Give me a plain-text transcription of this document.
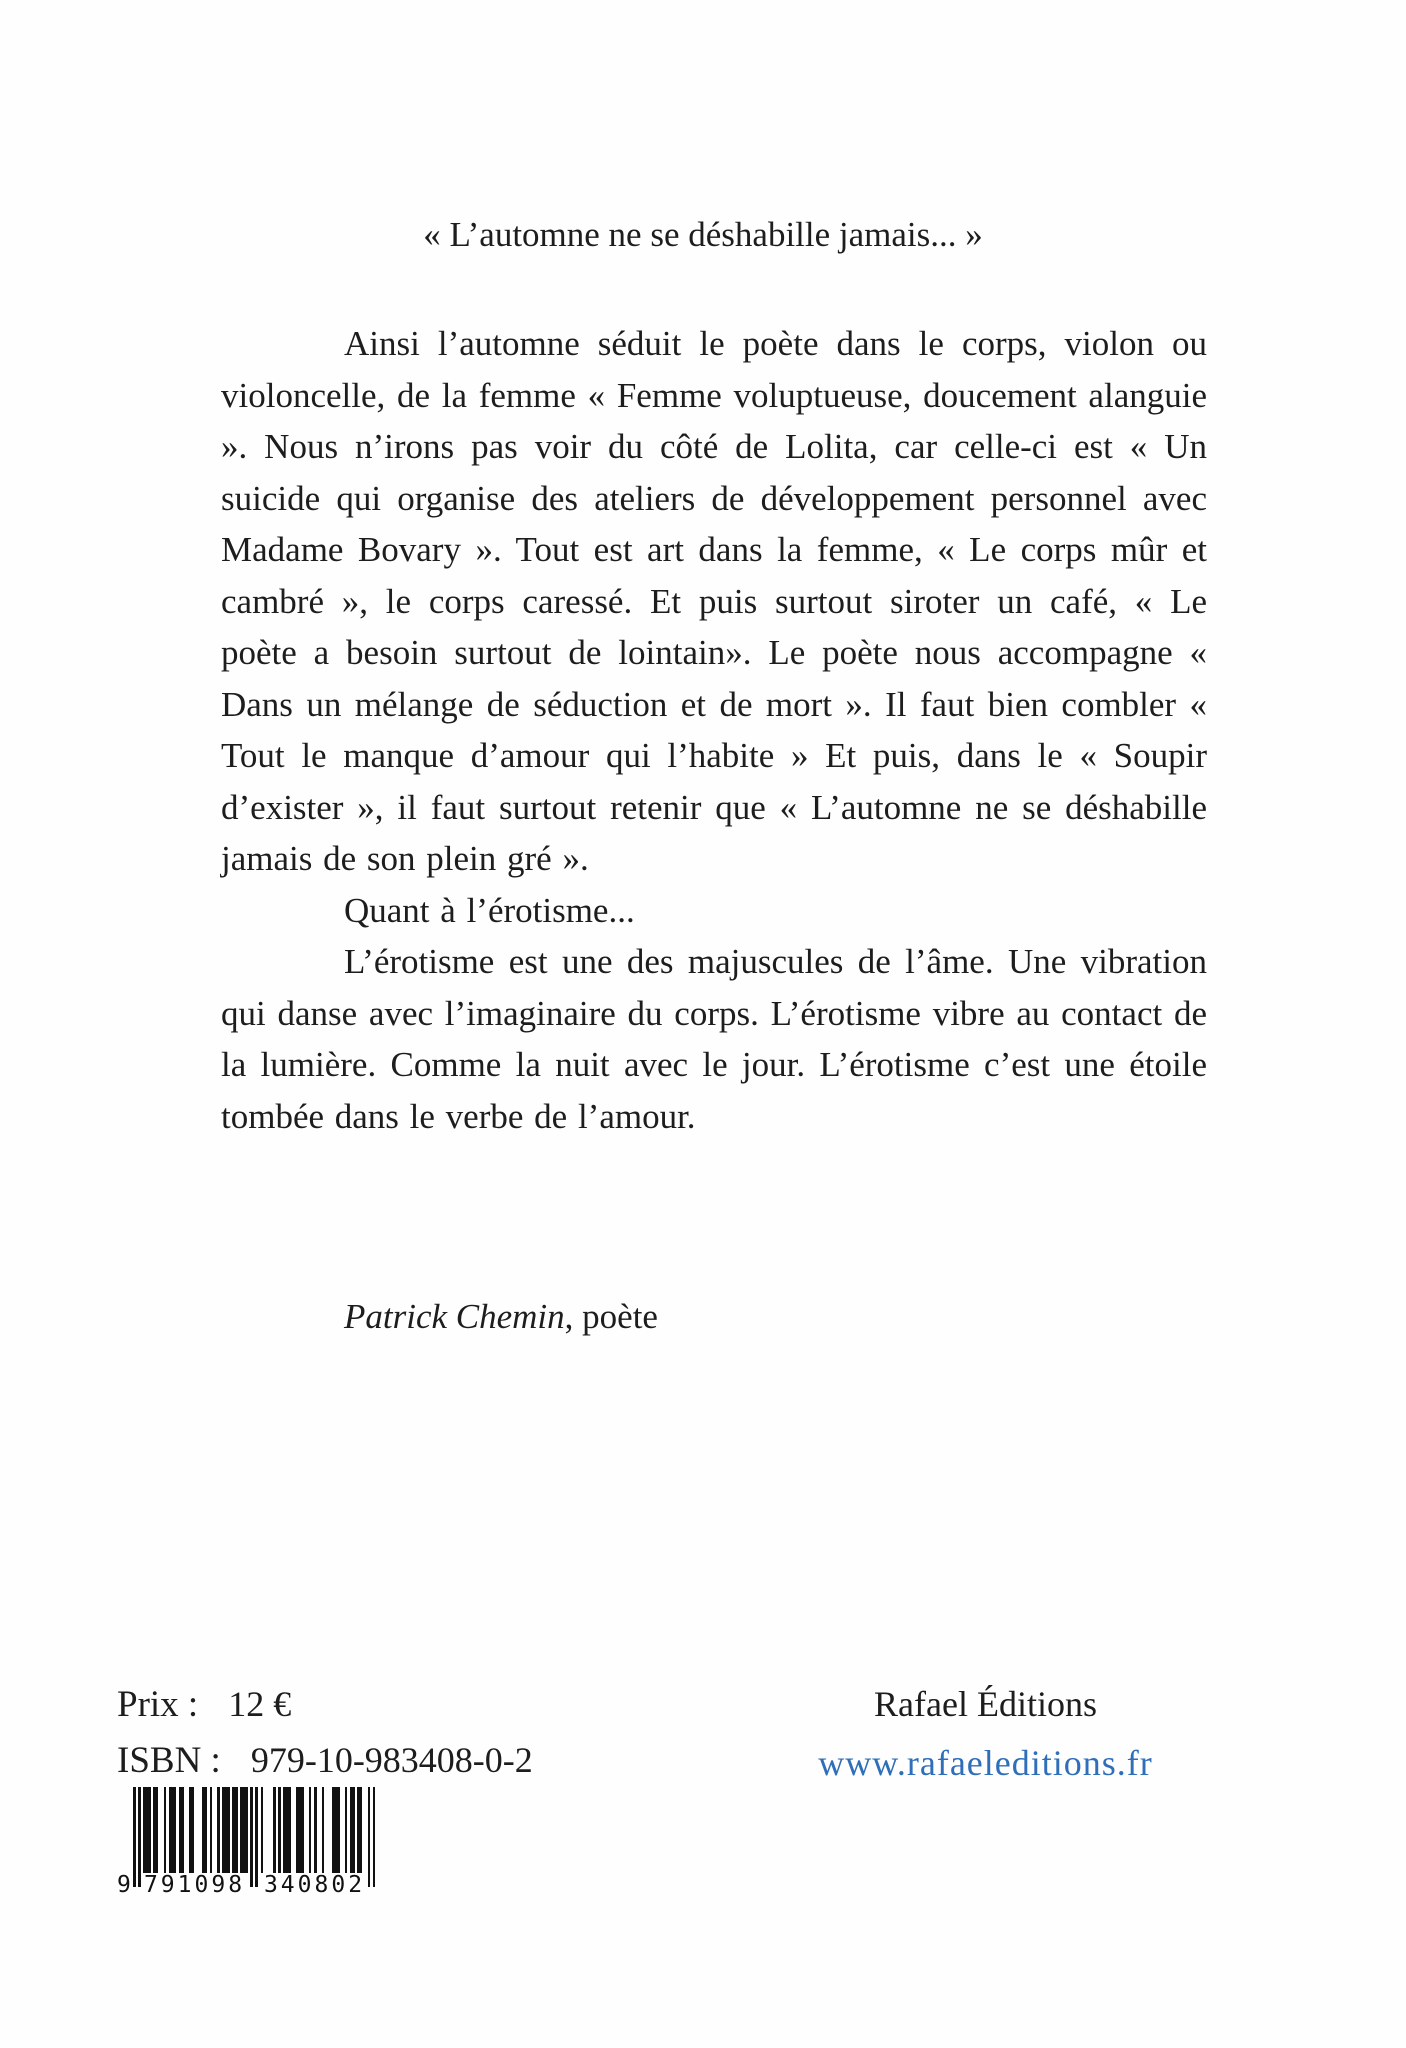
« L’automne ne se déshabille jamais... »

Ainsi l’automne séduit le poète dans le corps, violon ou violoncelle, de la femme « Femme voluptueuse, doucement alanguie ». Nous n’irons pas voir du côté de Lolita, car celle-ci est « Un suicide qui organise des ateliers de développement personnel avec Madame Bovary ». Tout est art dans la femme, « Le corps mûr et cambré », le corps caressé. Et puis surtout siroter un café, « Le poète a besoin surtout de lointain». Le poète nous accompagne « Dans un mélange de séduction et de mort ». Il faut bien combler « Tout le manque d’amour qui l’habite » Et puis, dans le « Soupir d’exister », il faut surtout retenir que « L’automne ne se déshabille jamais de son plein gré ».

Quant à l’érotisme...

L’érotisme est une des majuscules de l’âme. Une vibration qui danse avec l’imaginaire du corps. L’érotisme vibre au contact de la lumière. Comme la nuit avec le jour. L’érotisme c’est une étoile tombée dans le verbe de l’amour.

Patrick Chemin, poète
Prix : 12 €
ISBN : 979-10-983408-0-2
Rafael Éditions
www.rafaeleditions.fr
9 791098 340802
